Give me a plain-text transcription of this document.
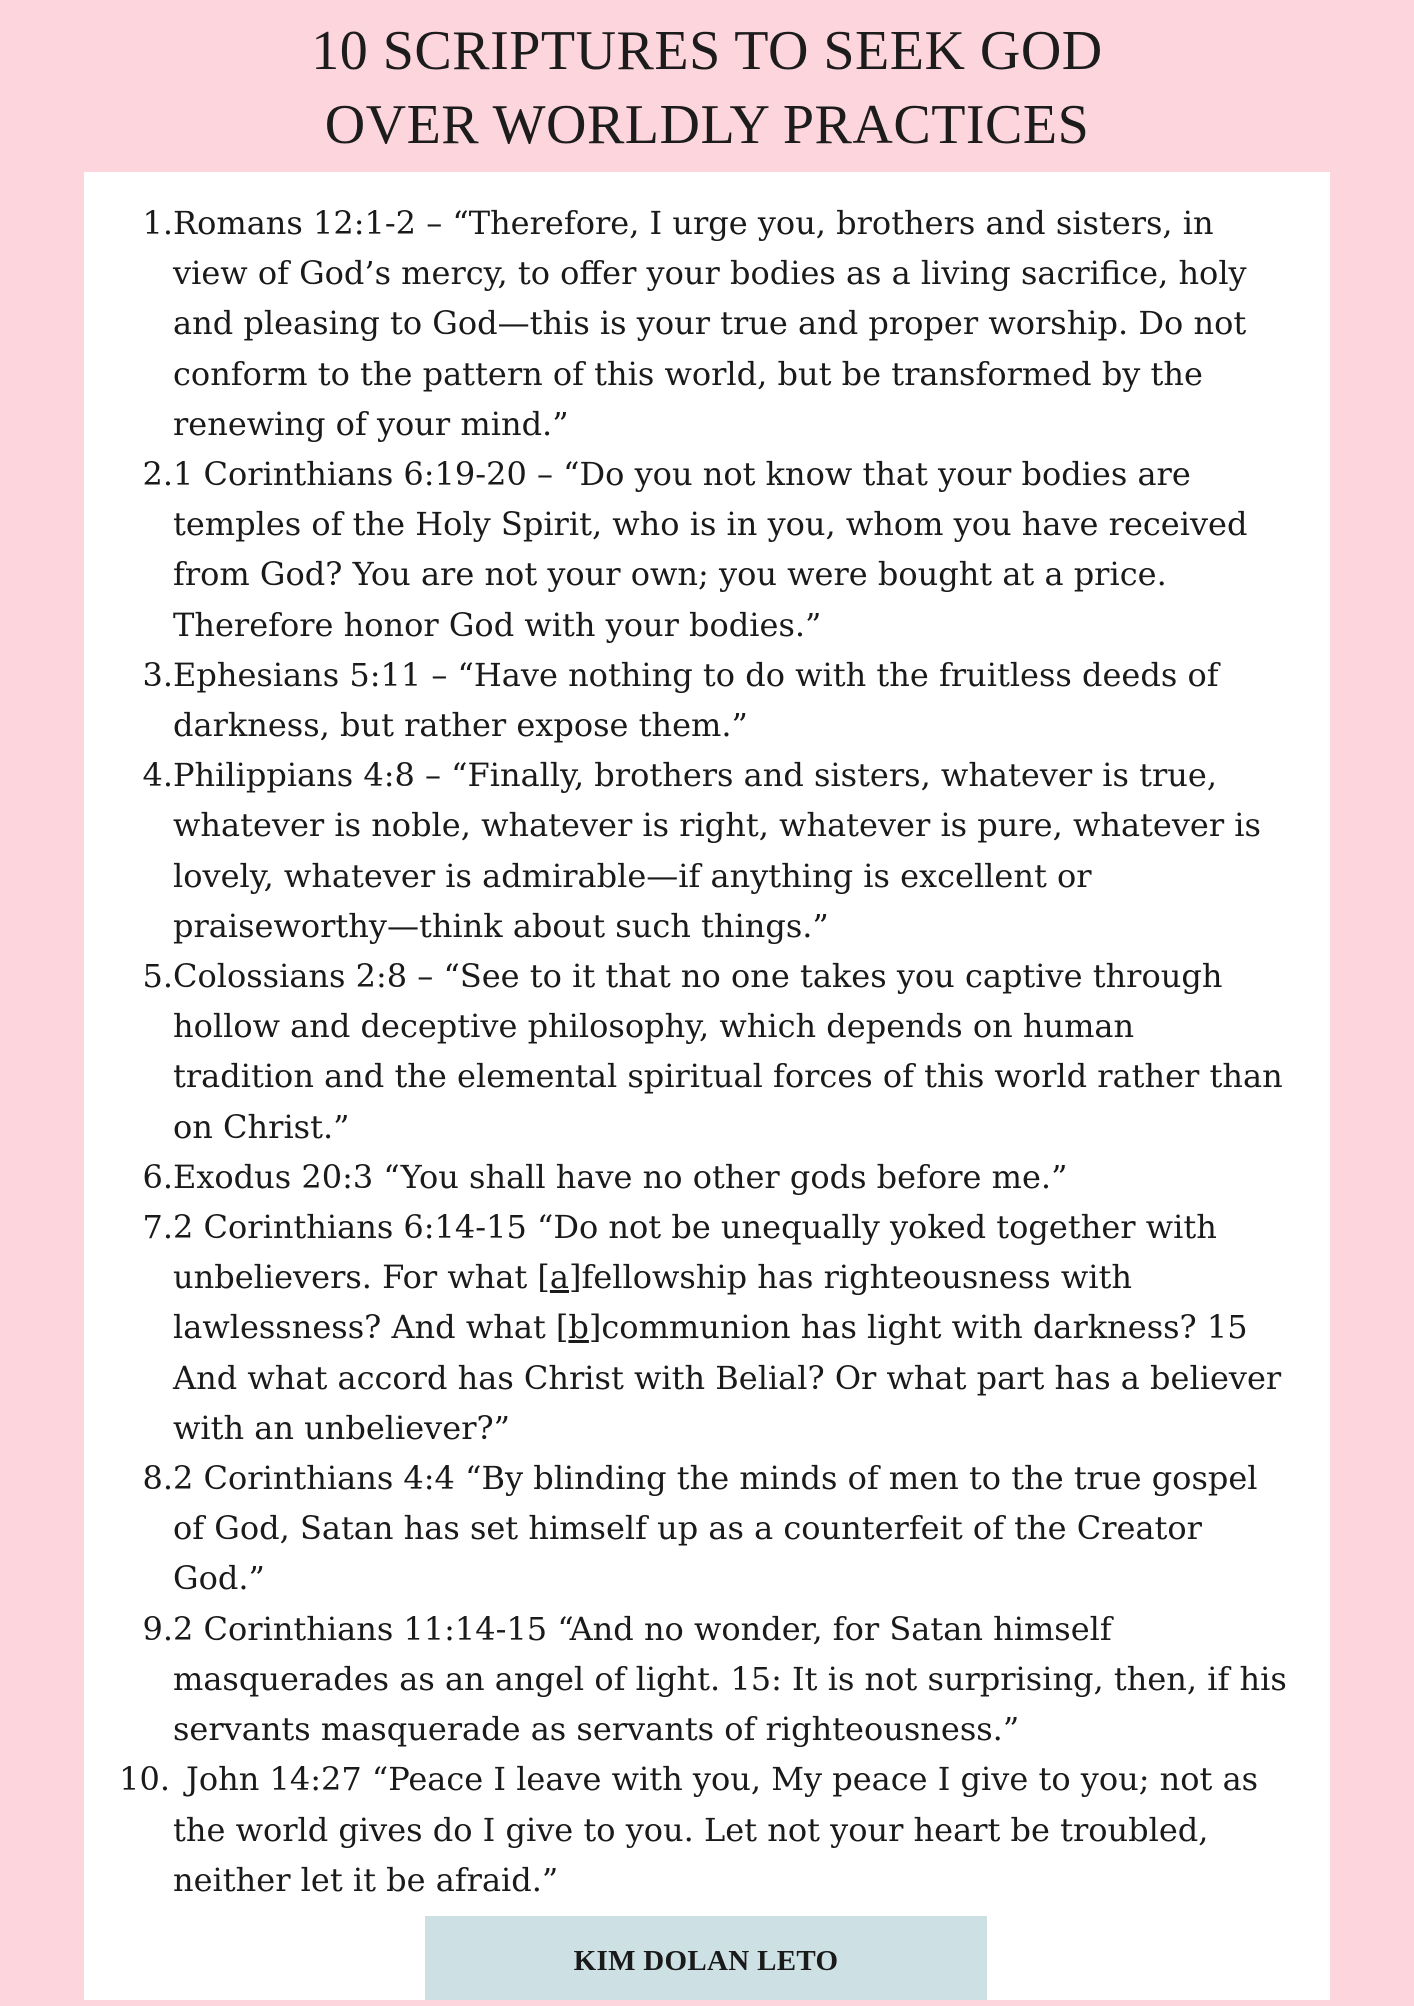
10 SCRIPTURES TO SEEK GOD
OVER WORLDLY PRACTICES
1. Romans 12:1-2 – “Therefore, I urge you, brothers and sisters, in
view of God’s mercy, to offer your bodies as a living sacrifice, holy
and pleasing to God—this is your true and proper worship. Do not
conform to the pattern of this world, but be transformed by the
renewing of your mind.”
2. 1 Corinthians 6:19-20 – “Do you not know that your bodies are
temples of the Holy Spirit, who is in you, whom you have received
from God? You are not your own; you were bought at a price.
Therefore honor God with your bodies.”
3. Ephesians 5:11 – “Have nothing to do with the fruitless deeds of
darkness, but rather expose them.”
4. Philippians 4:8 – “Finally, brothers and sisters, whatever is true,
whatever is noble, whatever is right, whatever is pure, whatever is
lovely, whatever is admirable—if anything is excellent or
praiseworthy—think about such things.”
5. Colossians 2:8 – “See to it that no one takes you captive through
hollow and deceptive philosophy, which depends on human
tradition and the elemental spiritual forces of this world rather than
on Christ.”
6. Exodus 20:3 “You shall have no other gods before me.”
7. 2 Corinthians 6:14-15 “Do not be unequally yoked together with
unbelievers. For what [a]fellowship has righteousness with
lawlessness? And what [b]communion has light with darkness? 15
And what accord has Christ with Belial? Or what part has a believer
with an unbeliever?”
8. 2 Corinthians 4:4 “By blinding the minds of men to the true gospel
of God, Satan has set himself up as a counterfeit of the Creator
God.”
9. 2 Corinthians 11:14-15 “And no wonder, for Satan himself
masquerades as an angel of light. 15: It is not surprising, then, if his
servants masquerade as servants of righteousness.”
10. John 14:27 “Peace I leave with you, My peace I give to you; not as
the world gives do I give to you. Let not your heart be troubled,
neither let it be afraid.”
KIM DOLAN LETO
